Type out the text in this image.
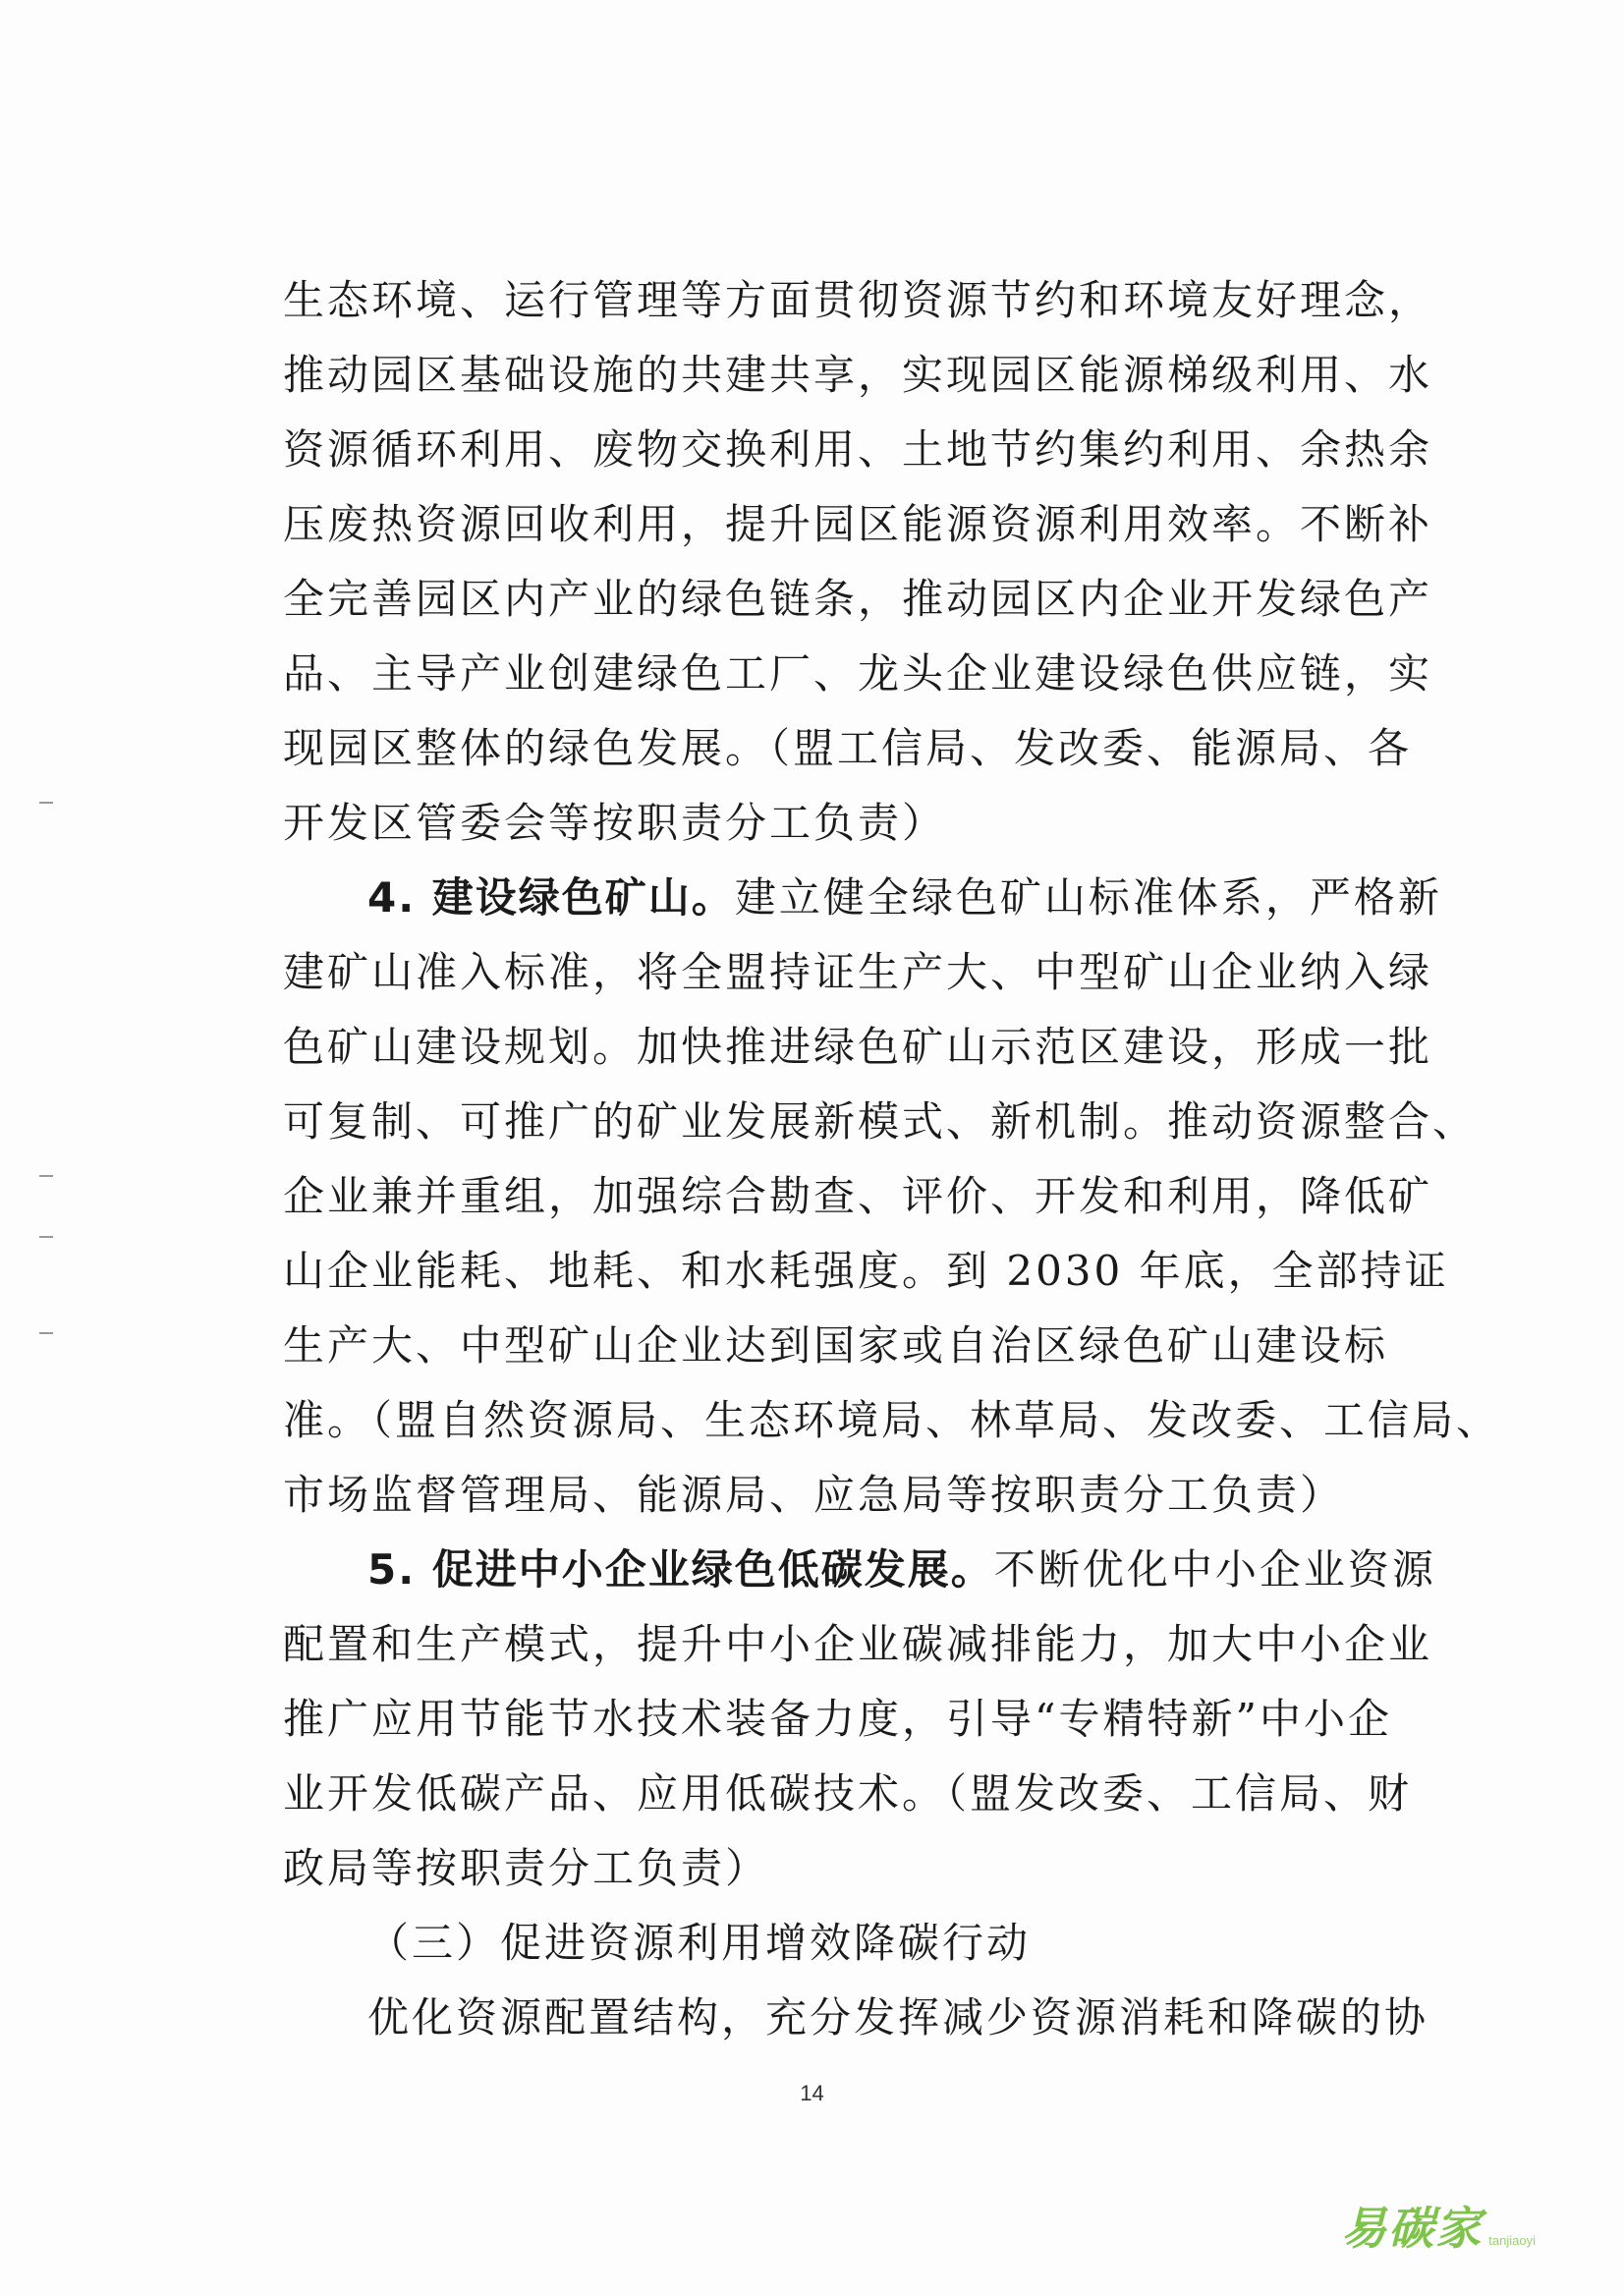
生态环境、运行管理等方面贯彻资源节约和环境友好理念，
推动园区基础设施的共建共享，实现园区能源梯级利用、水
资源循环利用、废物交换利用、土地节约集约利用、余热余
压废热资源回收利用，提升园区能源资源利用效率。不断补
全完善园区内产业的绿色链条，推动园区内企业开发绿色产
品、主导产业创建绿色工厂、龙头企业建设绿色供应链，实
现园区整体的绿色发展。（盟工信局、发改委、能源局、各
开发区管委会等按职责分工负责）
4. 建设绿色矿山。建立健全绿色矿山标准体系，严格新
建矿山准入标准，将全盟持证生产大、中型矿山企业纳入绿
色矿山建设规划。加快推进绿色矿山示范区建设，形成一批
可复制、可推广的矿业发展新模式、新机制。推动资源整合、
企业兼并重组，加强综合勘查、评价、开发和利用，降低矿
山企业能耗、地耗、和水耗强度。到 2030 年底，全部持证
生产大、中型矿山企业达到国家或自治区绿色矿山建设标
准。（盟自然资源局、生态环境局、林草局、发改委、工信局、
市场监督管理局、能源局、应急局等按职责分工负责）
5. 促进中小企业绿色低碳发展。不断优化中小企业资源
配置和生产模式，提升中小企业碳减排能力，加大中小企业
推广应用节能节水技术装备力度，引导“专精特新”中小企
业开发低碳产品、应用低碳技术。（盟发改委、工信局、财
政局等按职责分工负责）
（三）促进资源利用增效降碳行动
优化资源配置结构，充分发挥减少资源消耗和降碳的协
14
易碳家 tanjiaoyi
